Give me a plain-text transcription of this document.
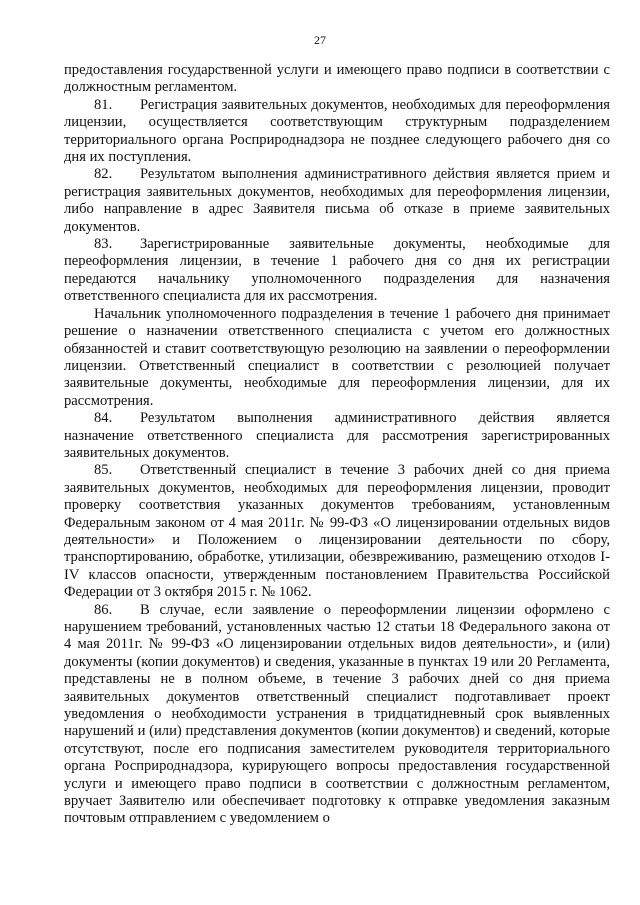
27

предоставления государственной услуги и имеющего право подписи в соответствии с должностным регламентом.

81. Регистрация заявительных документов, необходимых для переоформления лицензии, осуществляется соответствующим структурным подразделением территориального органа Росприроднадзора не позднее следующего рабочего дня со дня их поступления.

82. Результатом выполнения административного действия является прием и регистрация заявительных документов, необходимых для переоформления лицензии, либо направление в адрес Заявителя письма об отказе в приеме заявительных документов.

83. Зарегистрированные заявительные документы, необходимые для переоформления лицензии, в течение 1 рабочего дня со дня их регистрации передаются начальнику уполномоченного подразделения для назначения ответственного специалиста для их рассмотрения.

Начальник уполномоченного подразделения в течение 1 рабочего дня принимает решение о назначении ответственного специалиста с учетом его должностных обязанностей и ставит соответствующую резолюцию на заявлении о переоформлении лицензии. Ответственный специалист в соответствии с резолюцией получает заявительные документы, необходимые для переоформления лицензии, для их рассмотрения.

84. Результатом выполнения административного действия является назначение ответственного специалиста для рассмотрения зарегистрированных заявительных документов.

85. Ответственный специалист в течение 3 рабочих дней со дня приема заявительных документов, необходимых для переоформления лицензии, проводит проверку соответствия указанных документов требованиям, установленным Федеральным законом от 4 мая 2011г. № 99-ФЗ «О лицензировании отдельных видов деятельности» и Положением о лицензировании деятельности по сбору, транспортированию, обработке, утилизации, обезвреживанию, размещению отходов I-IV классов опасности, утвержденным постановлением Правительства Российской Федерации от 3 октября 2015 г. № 1062.

86. В случае, если заявление о переоформлении лицензии оформлено с нарушением требований, установленных частью 12 статьи 18 Федерального закона от 4 мая 2011г. № 99-ФЗ «О лицензировании отдельных видов деятельности», и (или) документы (копии документов) и сведения, указанные в пунктах 19 или 20 Регламента, представлены не в полном объеме, в течение 3 рабочих дней со дня приема заявительных документов ответственный специалист подготавливает проект уведомления о необходимости устранения в тридцатидневный срок выявленных нарушений и (или) представления документов (копии документов) и сведений, которые отсутствуют, после его подписания заместителем руководителя территориального органа Росприроднадзора, курирующего вопросы предоставления государственной услуги и имеющего право подписи в соответствии с должностным регламентом, вручает Заявителю или обеспечивает подготовку к отправке уведомления заказным почтовым отправлением с уведомлением о
